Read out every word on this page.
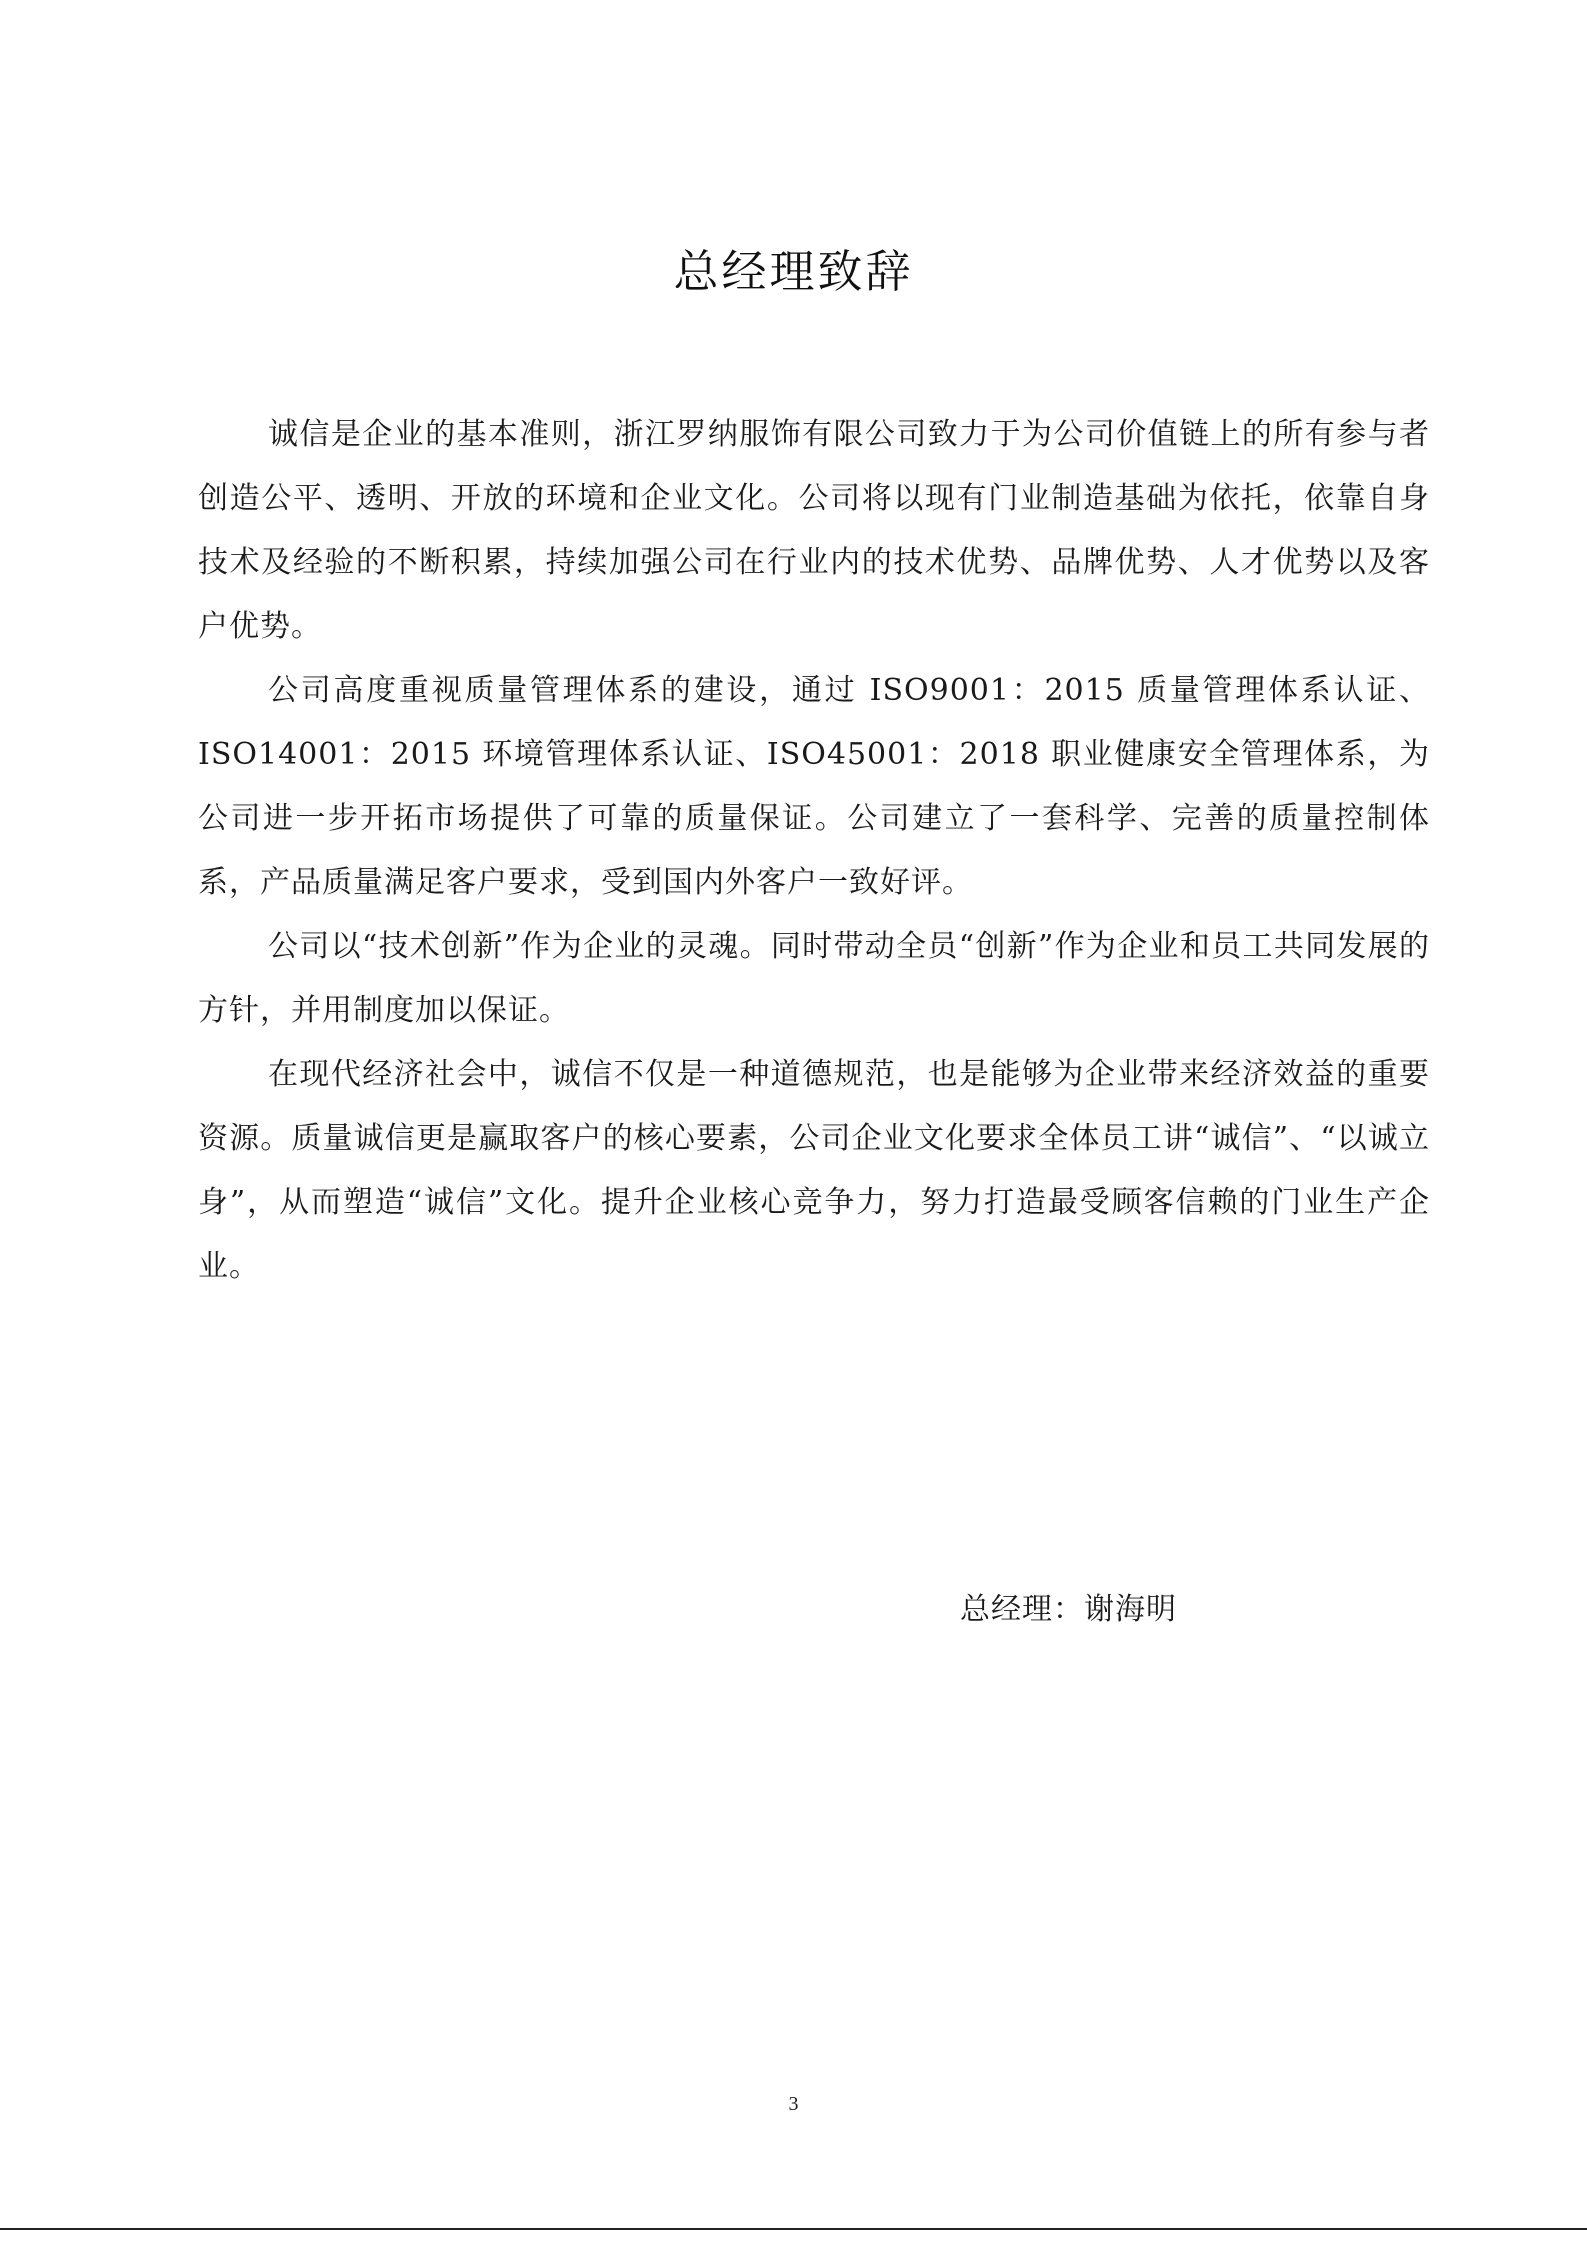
总经理致辞

诚信是企业的基本准则，浙江罗纳服饰有限公司致力于为公司价值链上的所有参与者创造公平、透明、开放的环境和企业文化。公司将以现有门业制造基础为依托，依靠自身技术及经验的不断积累，持续加强公司在行业内的技术优势、品牌优势、人才优势以及客户优势。

公司高度重视质量管理体系的建设，通过 ISO9001：2015 质量管理体系认证、ISO14001：2015 环境管理体系认证、ISO45001：2018 职业健康安全管理体系，为公司进一步开拓市场提供了可靠的质量保证。公司建立了一套科学、完善的质量控制体系，产品质量满足客户要求，受到国内外客户一致好评。

公司以“技术创新”作为企业的灵魂。同时带动全员“创新”作为企业和员工共同发展的方针，并用制度加以保证。

在现代经济社会中，诚信不仅是一种道德规范，也是能够为企业带来经济效益的重要资源。质量诚信更是赢取客户的核心要素，公司企业文化要求全体员工讲“诚信”、“以诚立身”，从而塑造“诚信”文化。提升企业核心竞争力，努力打造最受顾客信赖的门业生产企业。

总经理：谢海明
3
